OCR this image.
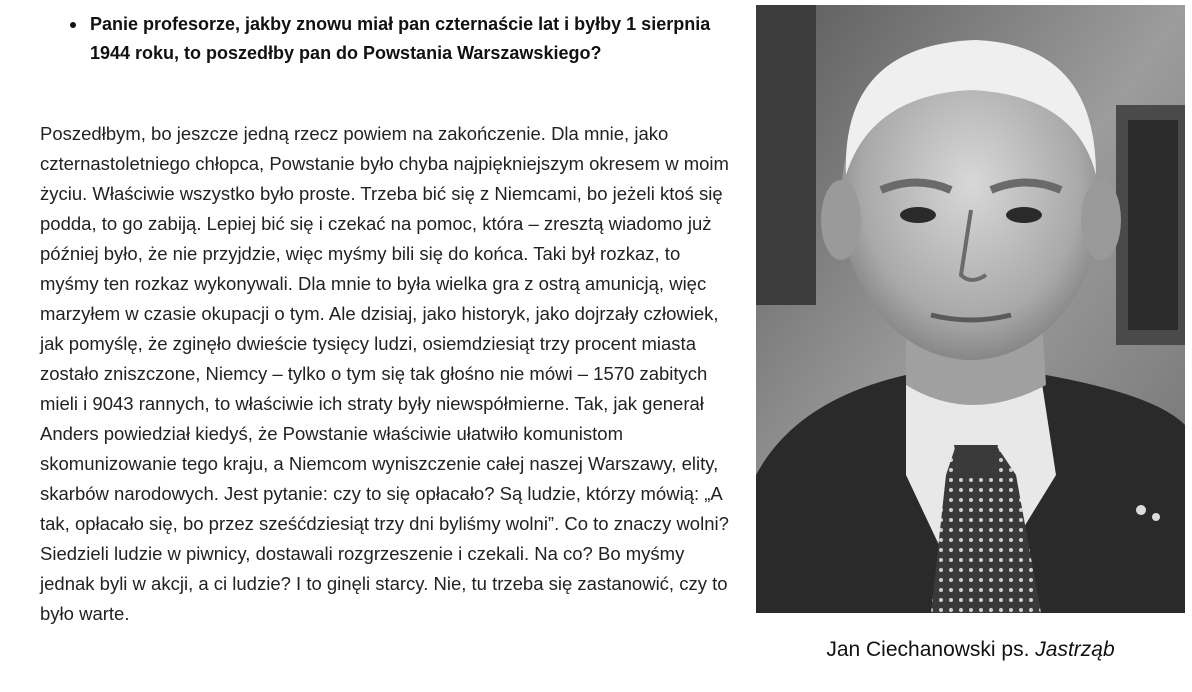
Panie profesorze, jakby znowu miał pan czternaście lat i byłby 1 sierpnia 1944 roku, to poszedłby pan do Powstania Warszawskiego?

Poszedłbym, bo jeszcze jedną rzecz powiem na zakończenie. Dla mnie, jako czternastoletniego chłopca, Powstanie było chyba najpiękniejszym okresem w moim życiu. Właściwie wszystko było proste. Trzeba bić się z Niemcami, bo jeżeli ktoś się podda, to go zabiją. Lepiej bić się i czekać na pomoc, która – zresztą wiadomo już później było, że nie przyjdzie, więc myśmy bili się do końca. Taki był rozkaz, to myśmy ten rozkaz wykonywali. Dla mnie to była wielka gra z ostrą amunicją, więc marzyłem w czasie okupacji o tym. Ale dzisiaj, jako historyk, jako dojrzały człowiek, jak pomyślę, że zginęło dwieście tysięcy ludzi, osiemdziesiąt trzy procent miasta zostało zniszczone, Niemcy – tylko o tym się tak głośno nie mówi – 1570 zabitych mieli i 9043 rannych, to właściwie ich straty były niewspółmierne. Tak, jak generał Anders powiedział kiedyś, że Powstanie właściwie ułatwiło komunistom skomunizowanie tego kraju, a Niemcom wyniszczenie całej naszej Warszawy, elity, skarbów narodowych. Jest pytanie: czy to się opłacało? Są ludzie, którzy mówią: „A tak, opłacało się, bo przez sześćdziesiąt trzy dni byliśmy wolni”. Co to znaczy wolni? Siedzieli ludzie w piwnicy, dostawali rozgrzeszenie i czekali. Na co? Bo myśmy jednak byli w akcji, a ci ludzie? I to ginęli starcy. Nie, tu trzeba się zastanowić, czy to było warte.

Jan Ciechanowski ps. Jastrząb
